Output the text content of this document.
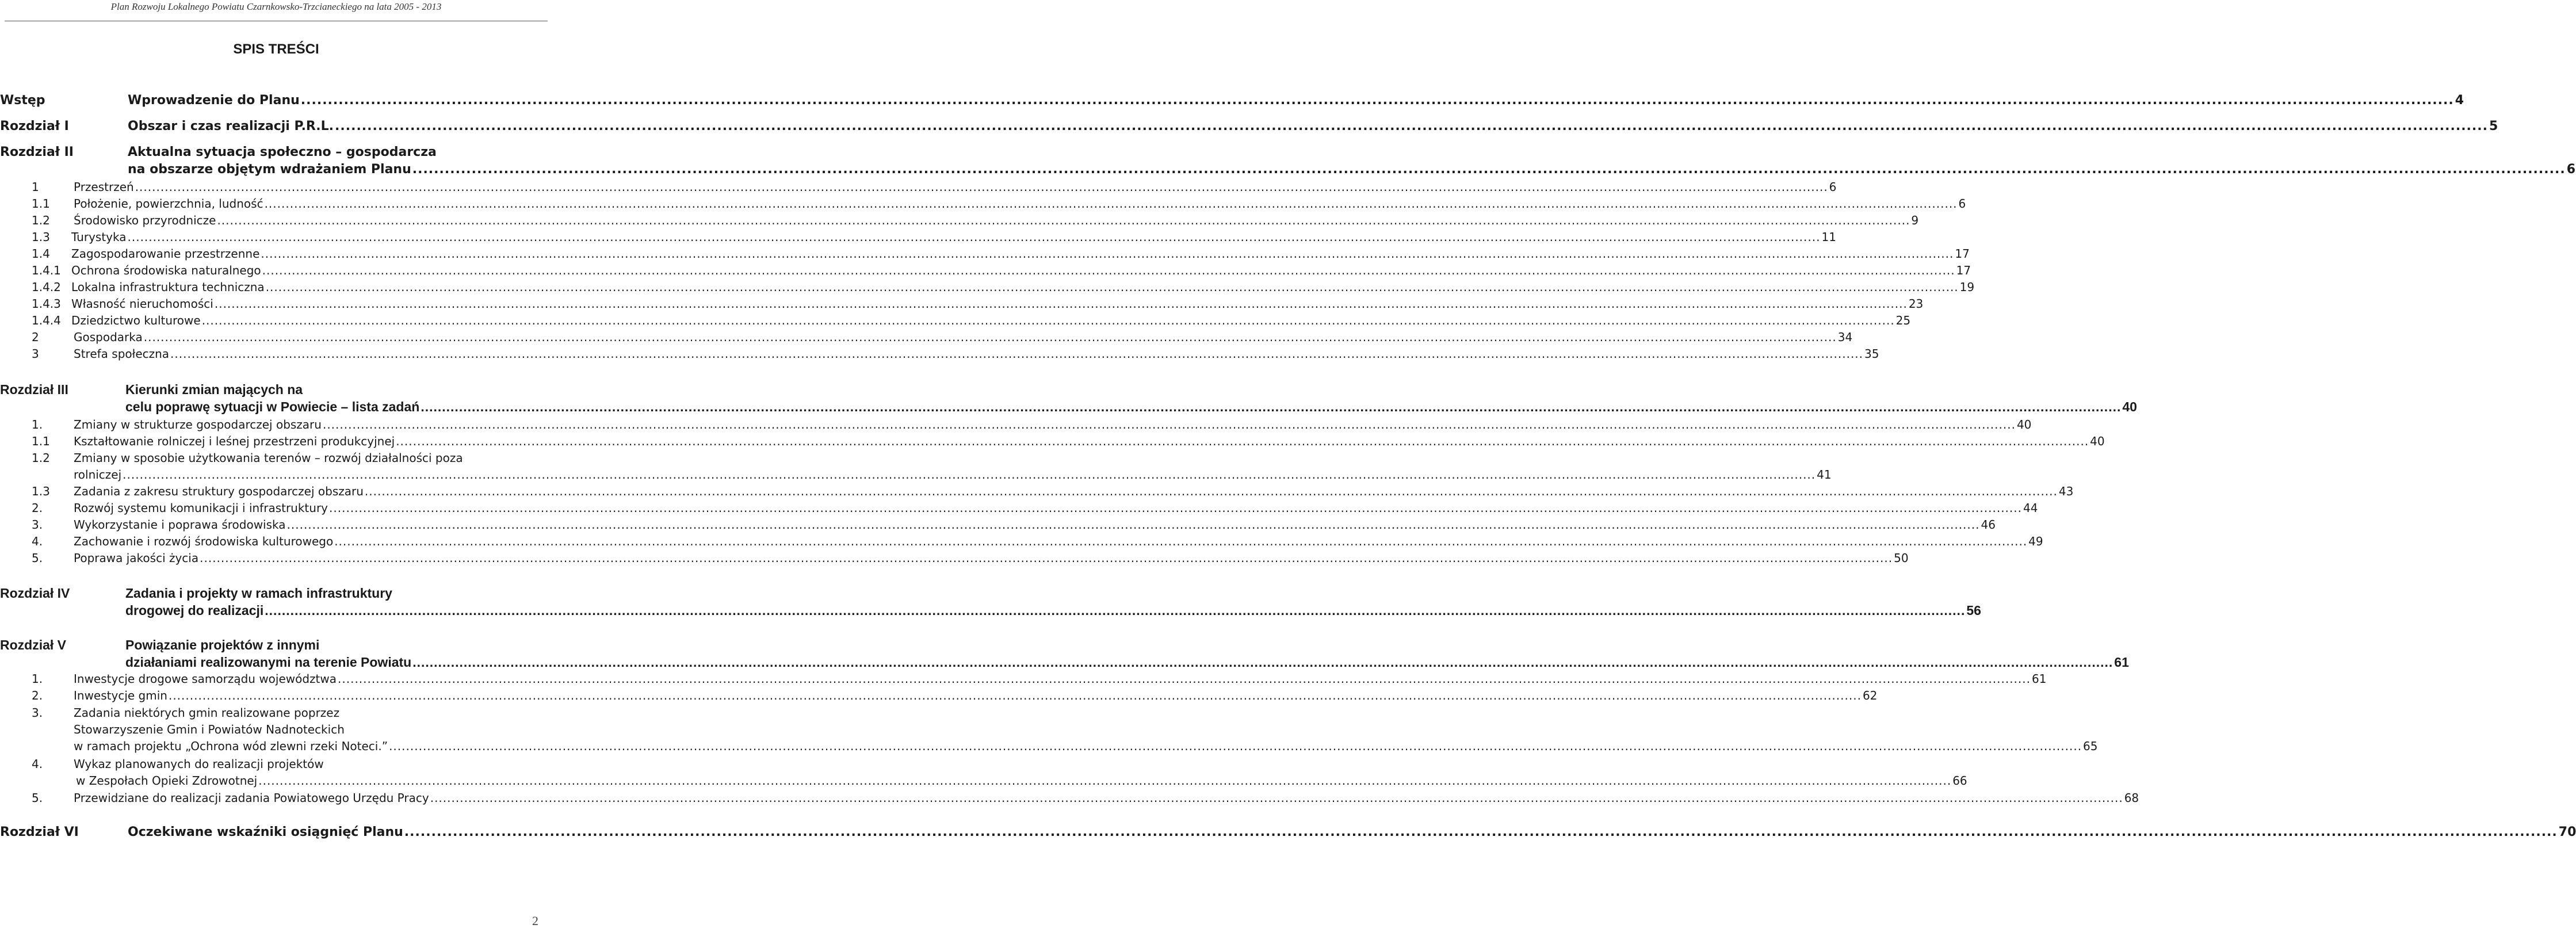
Plan Rozwoju Lokalnego Powiatu Czarnkowsko-Trzcianeckiego na lata 2005 - 2013
SPIS TREŚCI
Wstęp	Wprowadzenie do Planu ................................................................................................................................................................................................................................................................................................................................................................................................................ 4
Rozdział I	Obszar i czas realizacji P.R.L. ................................................................................................................................................................................................................................................................................................................................................................................................................ 5
Rozdział II	Aktualna sytuacja społeczno – gospodarcza
na obszarze objętym wdrażaniem Planu ................................................................................................................................................................................................................................................................................................................................................................................................................ 6
1	Przestrzeń ................................................................................................................................................................................................................................................................................................................................................................................................................ 6
1.1 Położenie, powierzchnia, ludność ................................................................................................................................................................................................................................................................................................................................................................................................................ 6
1.2 Środowisko przyrodnicze ................................................................................................................................................................................................................................................................................................................................................................................................................ 9
1.3 Turystyka ................................................................................................................................................................................................................................................................................................................................................................................................................ 11
1.4 Zagospodarowanie przestrzenne ................................................................................................................................................................................................................................................................................................................................................................................................................ 17
1.4.1 Ochrona środowiska naturalnego ................................................................................................................................................................................................................................................................................................................................................................................................................ 17
1.4.2 Lokalna infrastruktura techniczna ................................................................................................................................................................................................................................................................................................................................................................................................................ 19
1.4.3 Własność nieruchomości ................................................................................................................................................................................................................................................................................................................................................................................................................ 23
1.4.4 Dziedzictwo kulturowe ................................................................................................................................................................................................................................................................................................................................................................................................................ 25
2	Gospodarka ................................................................................................................................................................................................................................................................................................................................................................................................................ 34
3	Strefa społeczna ................................................................................................................................................................................................................................................................................................................................................................................................................ 35
Rozdział III	Kierunki zmian mających na
celu poprawę sytuacji w Powiecie – lista zadań ................................................................................................................................................................................................................................................................................................................................................................................................................ 40
1.	Zmiany w strukturze gospodarczej obszaru ................................................................................................................................................................................................................................................................................................................................................................................................................ 40
1.1 Kształtowanie rolniczej i leśnej przestrzeni produkcyjnej ................................................................................................................................................................................................................................................................................................................................................................................................................ 40
1.2 Zmiany w sposobie użytkowania terenów – rozwój działalności poza
rolniczej ................................................................................................................................................................................................................................................................................................................................................................................................................ 41
1.3 Zadania z zakresu struktury gospodarczej obszaru ................................................................................................................................................................................................................................................................................................................................................................................................................ 43
2.	Rozwój systemu komunikacji i infrastruktury ................................................................................................................................................................................................................................................................................................................................................................................................................ 44
3.	Wykorzystanie i poprawa środowiska ................................................................................................................................................................................................................................................................................................................................................................................................................ 46
4.	Zachowanie i rozwój środowiska kulturowego ................................................................................................................................................................................................................................................................................................................................................................................................................ 49
5.	Poprawa jakości życia ................................................................................................................................................................................................................................................................................................................................................................................................................ 50
Rozdział IV	Zadania i projekty w ramach infrastruktury
drogowej do realizacji ................................................................................................................................................................................................................................................................................................................................................................................................................ 56
Rozdział V	Powiązanie projektów z innymi
działaniami realizowanymi na terenie Powiatu ................................................................................................................................................................................................................................................................................................................................................................................................................ 61
1.	Inwestycje drogowe samorządu województwa ................................................................................................................................................................................................................................................................................................................................................................................................................ 61
2.	Inwestycje gmin ................................................................................................................................................................................................................................................................................................................................................................................................................ 62
3.	Zadania niektórych gmin realizowane poprzez
Stowarzyszenie Gmin i Powiatów Nadnoteckich
w ramach projektu „Ochrona wód zlewni rzeki Noteci.” ................................................................................................................................................................................................................................................................................................................................................................................................................ 65
4.	Wykaz planowanych do realizacji projektów
w Zespołach Opieki Zdrowotnej ................................................................................................................................................................................................................................................................................................................................................................................................................ 66
5.	Przewidziane do realizacji zadania Powiatowego Urzędu Pracy ................................................................................................................................................................................................................................................................................................................................................................................................................ 68
Rozdział VI	Oczekiwane wskaźniki osiągnięć Planu ................................................................................................................................................................................................................................................................................................................................................................................................................ 70
2
